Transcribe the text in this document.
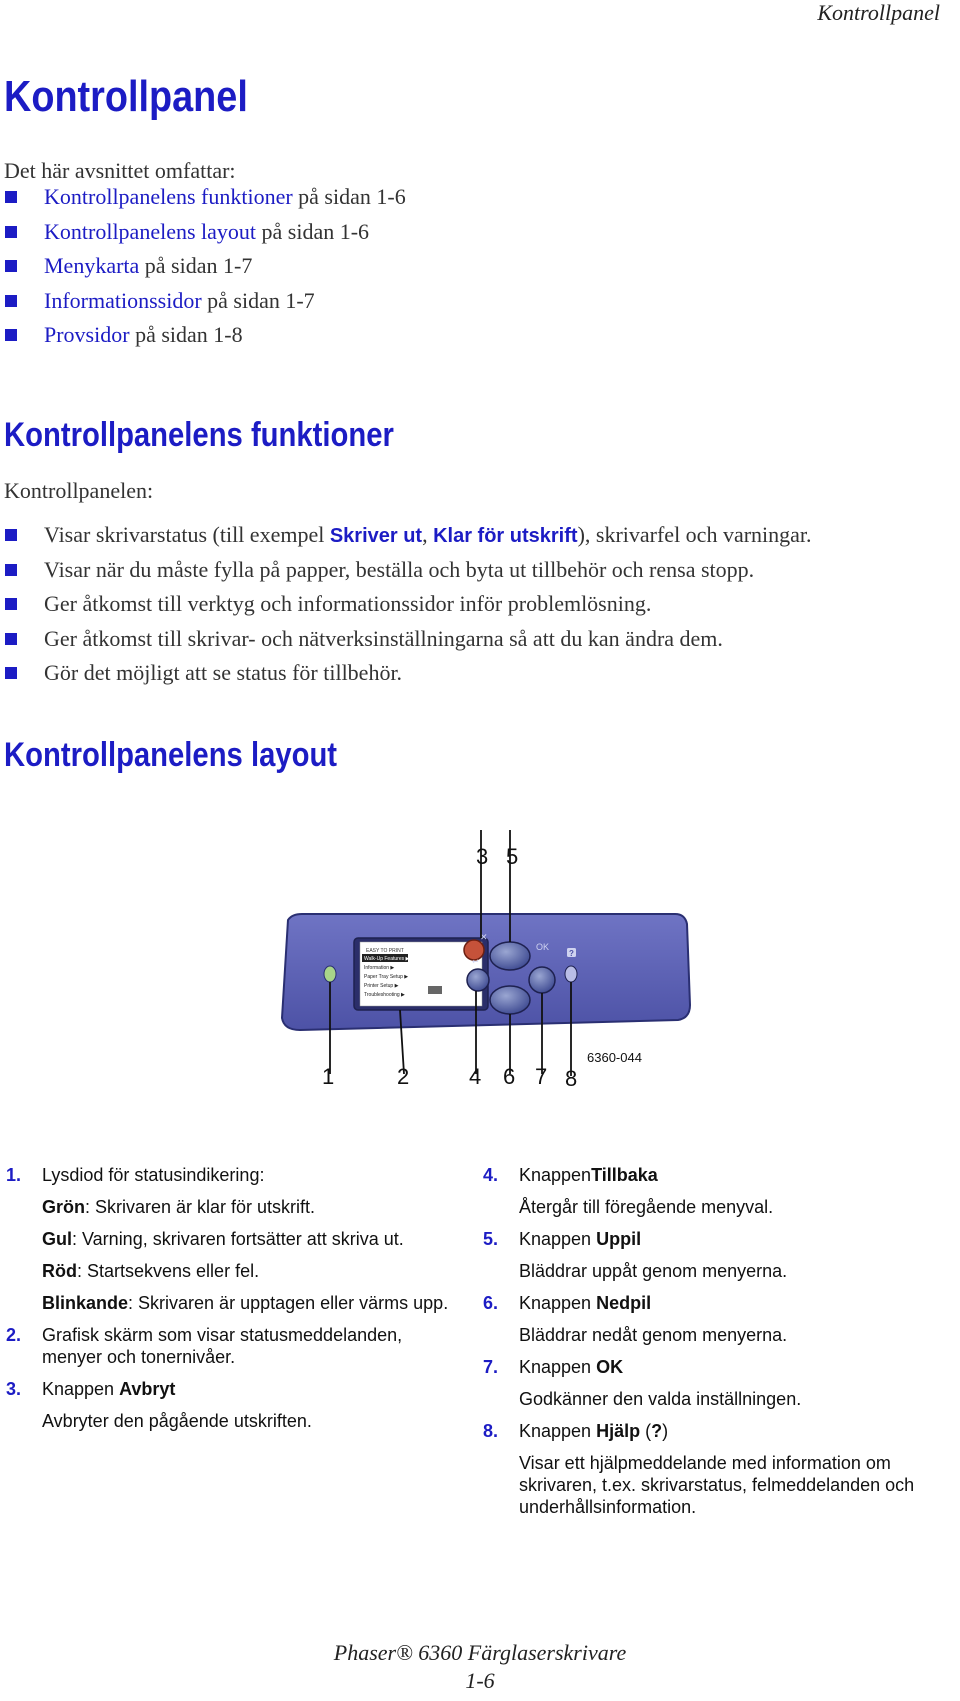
Kontrollpanel
Kontrollpanel

Det här avsnittet omfattar:

Kontrollpanelens funktioner på sidan 1-6
Kontrollpanelens layout på sidan 1-6
Menykarta på sidan 1-7
Informationssidor på sidan 1-7
Provsidor på sidan 1-8
Kontrollpanelens funktioner

Kontrollpanelen:

Visar skrivarstatus (till exempel Skriver ut, Klar för utskrift), skrivarfel och varningar.
Visar när du måste fylla på papper, beställa och byta ut tillbehör och rensa stopp.
Ger åtkomst till verktyg och informationssidor inför problemlösning.
Ger åtkomst till skrivar- och nätverksinställningarna så att du kan ändra dem.
Gör det möjligt att se status för tillbehör.
Kontrollpanelens layout
EASY TO PRINT
Walk-Up Features ▶
Information ▶
Paper Tray Setup ▶
Printer Setup ▶
Troubleshooting ▶
✕
↩
OK
?
3 5
1	2	4 6 7 8
6360-044
1. Lysdiod för statusindikering:
Grön: Skrivaren är klar för utskrift.
Gul: Varning, skrivaren fortsätter att skriva ut.
Röd: Startsekvens eller fel.
Blinkande: Skrivaren är upptagen eller värms upp.
2. Grafisk skärm som visar statusmeddelanden, menyer och tonernivåer.
3. Knappen Avbryt
Avbryter den pågående utskriften.
4. KnappenTillbaka
Återgår till föregående menyval.
5. Knappen Uppil
Bläddrar uppåt genom menyerna.
6. Knappen Nedpil
Bläddrar nedåt genom menyerna.
7. Knappen OK
Godkänner den valda inställningen.
8. Knappen Hjälp (?)
Visar ett hjälpmeddelande med information om skrivaren, t.ex. skrivarstatus, felmeddelanden och underhållsinformation.
Phaser® 6360 Färglaserskrivare
1-6
